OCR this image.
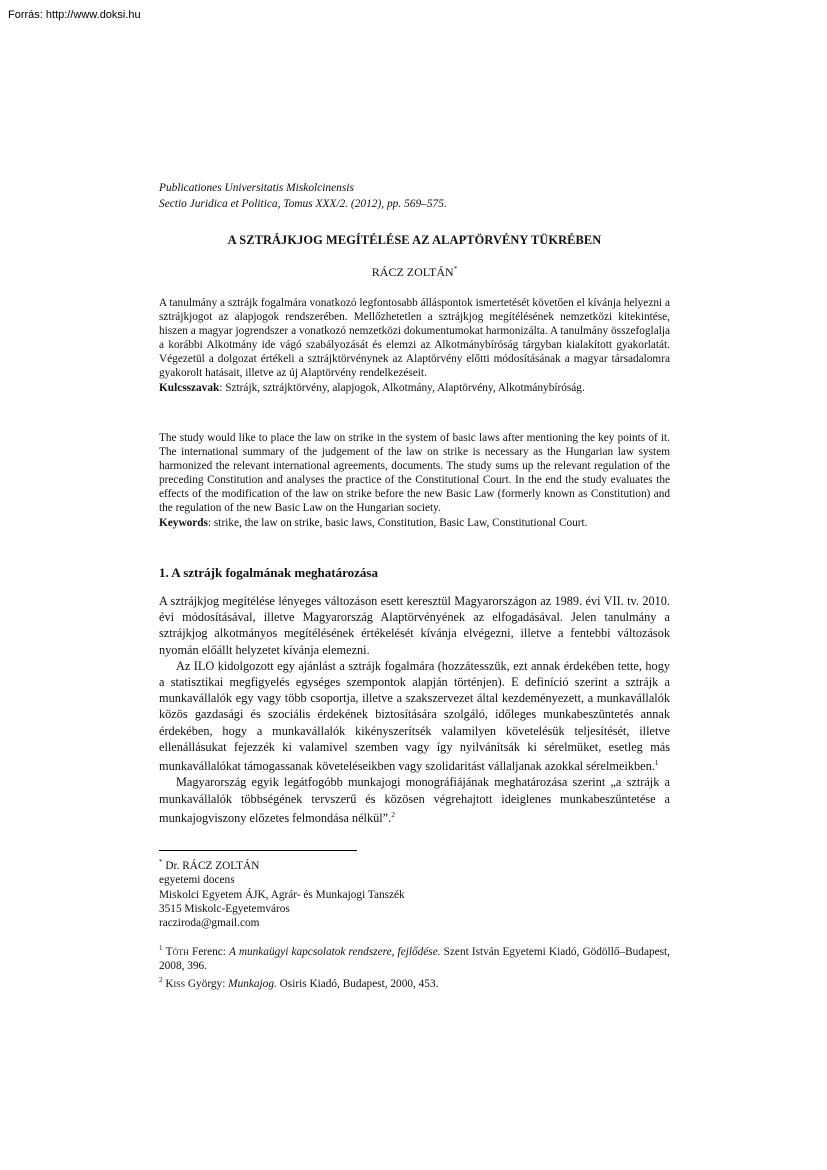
Forrás: http://www.doksi.hu
Publicationes Universitatis Miskolcinensis
Sectio Juridica et Politica, Tomus XXX/2. (2012), pp. 569–575.
A SZTRÁJKJOG MEGÍTÉLÉSE AZ ALAPTÖRVÉNY TÜKRÉBEN
RÁCZ ZOLTÁN*

A tanulmány a sztrájk fogalmára vonatkozó legfontosabb álláspontok ismertetését követően el kívánja helyezni a sztrájkjogot az alapjogok rendszerében. Mellőzhetetlen a sztrájkjog megítélésének nemzetközi kitekintése, hiszen a magyar jogrendszer a vonatkozó nemzetközi dokumentumokat harmonizálta. A tanulmány összefoglalja a korábbi Alkotmány ide vágó szabályozását és elemzi az Alkotmánybíróság tárgyban kialakított gyakorlatát. Végezetül a dolgozat értékeli a sztrájktörvénynek az Alaptörvény előtti módosításának a magyar társadalomra gyakorolt hatásait, illetve az új Alaptörvény rendelkezéseit.

Kulcsszavak: Sztrájk, sztrájktörvény, alapjogok, Alkotmány, Alaptörvény, Alkotmánybíróság.

The study would like to place the law on strike in the system of basic laws after mentioning the key points of it. The international summary of the judgement of the law on strike is necessary as the Hungarian law system harmonized the relevant international agreements, documents. The study sums up the relevant regulation of the preceding Constitution and analyses the practice of the Constitutional Court. In the end the study evaluates the effects of the modification of the law on strike before the new Basic Law (formerly known as Constitution) and the regulation of the new Basic Law on the Hungarian society.

Keywords: strike, the law on strike, basic laws, Constitution, Basic Law, Constitutional Court.

1. A sztrájk fogalmának meghatározása

A sztrájkjog megítélése lényeges változáson esett keresztül Magyarországon az 1989. évi VII. tv. 2010. évi módosításával, illetve Magyarország Alaptörvényének az elfogadásával. Jelen tanulmány a sztrájkjog alkotmányos megítélésének értékelését kívánja elvégezni, illetve a fentebbi változások nyomán előállt helyzetet kívánja elemezni.

Az ILO kidolgozott egy ajánlást a sztrájk fogalmára (hozzátesszük, ezt annak érdekében tette, hogy a statisztikai megfigyelés egységes szempontok alapján történjen). E definíció szerint a sztrájk a munkavállalók egy vagy több csoportja, illetve a szakszervezet által kezdeményezett, a munkavállalók közös gazdasági és szociális érdekének biztosítására szolgáló, időleges munkabeszüntetés annak érdekében, hogy a munkavállalók kikényszerítsék valamilyen követelésük teljesítését, illetve ellenállásukat fejezzék ki valamivel szemben vagy így nyilvánítsák ki sérelmüket, esetleg más munkavállalókat támogassanak követeléseikben vagy szolidaritást vállaljanak azokkal sérelmeikben.$^1$

Magyarország egyik legátfogóbb munkajogi monográfiájának meghatározása szerint „a sztrájk a munkavállalók többségének tervszerű és közösen végrehajtott ideiglenes munkabeszüntetése a munkajogviszony előzetes felmondása nélkül”.$^2$

* Dr. RÁCZ ZOLTÁN
egyetemi docens
Miskolci Egyetem ÁJK, Agrár- és Munkajogi Tanszék
3515 Miskolc-Egyetemváros
racziroda@gmail.com

$^1$ Tóth Ferenc: A munkaügyi kapcsolatok rendszere, fejlődése. Szent István Egyetemi Kiadó, Gödöllő–Budapest, 2008, 396.

$^2$ Kiss György: Munkajog. Osiris Kiadó, Budapest, 2000, 453.
